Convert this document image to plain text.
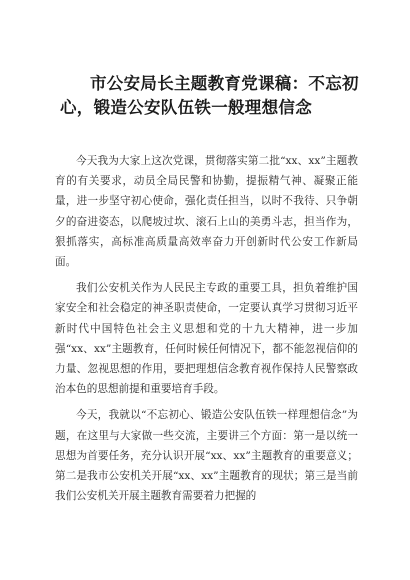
市公安局长主题教育党课稿：不忘初心，锻造公安队伍铁一般理想信念

今天我为大家上这次党课，贯彻落实第二批“xx、xx”主题教育的有关要求，动员全局民警和协勤，提振精气神、凝聚正能量，进一步坚守初心使命，强化责任担当，以时不我待、只争朝夕的奋进姿态，以爬坡过坎、滚石上山的美勇斗志，担当作为，狠抓落实，高标准高质量高效率奋力开创新时代公安工作新局面。

我们公安机关作为人民民主专政的重要工具，担负着维护国家安全和社会稳定的神圣职责使命，一定要认真学习贯彻习近平新时代中国特色社会主义思想和党的十九大精神，进一步加强“xx、xx”主题教育，任何时候任何情况下，都不能忽视信仰的力量、忽视思想的作用，要把理想信念教育视作保持人民警察政治本色的思想前提和重要培育手段。

今天，我就以“不忘初心、锻造公安队伍铁一样理想信念”为题，在这里与大家做一些交流，主要讲三个方面：第一是以统一思想为首要任务，充分认识开展“xx、xx”主题教育的重要意义；第二是我市公安机关开展“xx、xx”主题教育的现状；第三是当前我们公安机关开展主题教育需要着力把握的
